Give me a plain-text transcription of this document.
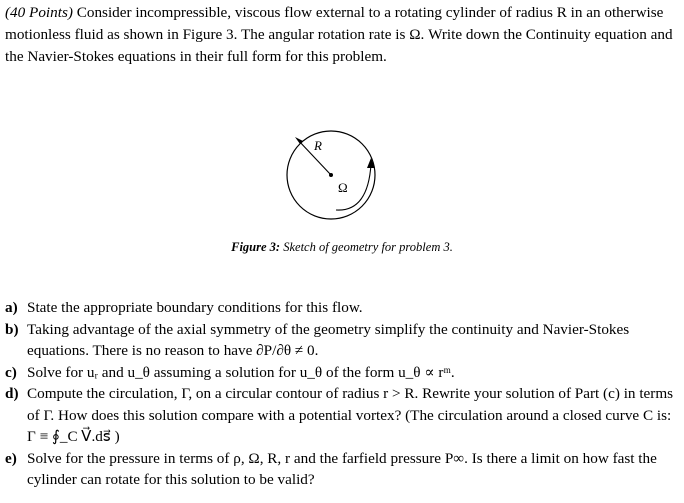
(40 Points) Consider incompressible, viscous flow external to a rotating cylinder of radius R in an otherwise motionless fluid as shown in Figure 3. The angular rotation rate is Ω. Write down the Continuity equation and the Navier-Stokes equations in their full form for this problem.

R
Ω
Figure 3: Sketch of geometry for problem 3.
a) State the appropriate boundary conditions for this flow.
b) Taking advantage of the axial symmetry of the geometry simplify the continuity and Navier-Stokes equations. There is no reason to have ∂P/∂θ ≠ 0.
c) Solve for uᵣ and u_θ assuming a solution for u_θ of the form u_θ ∝ rᵐ.
d) Compute the circulation, Γ, on a circular contour of radius r > R. Rewrite your solution of Part (c) in terms of Γ. How does this solution compare with a potential vortex? (The circulation around a closed curve C is: Γ ≡ ∮_C V⃗.ds⃗ )
e) Solve for the pressure in terms of ρ, Ω, R, r and the farfield pressure P∞. Is there a limit on how fast the cylinder can rotate for this solution to be valid?
